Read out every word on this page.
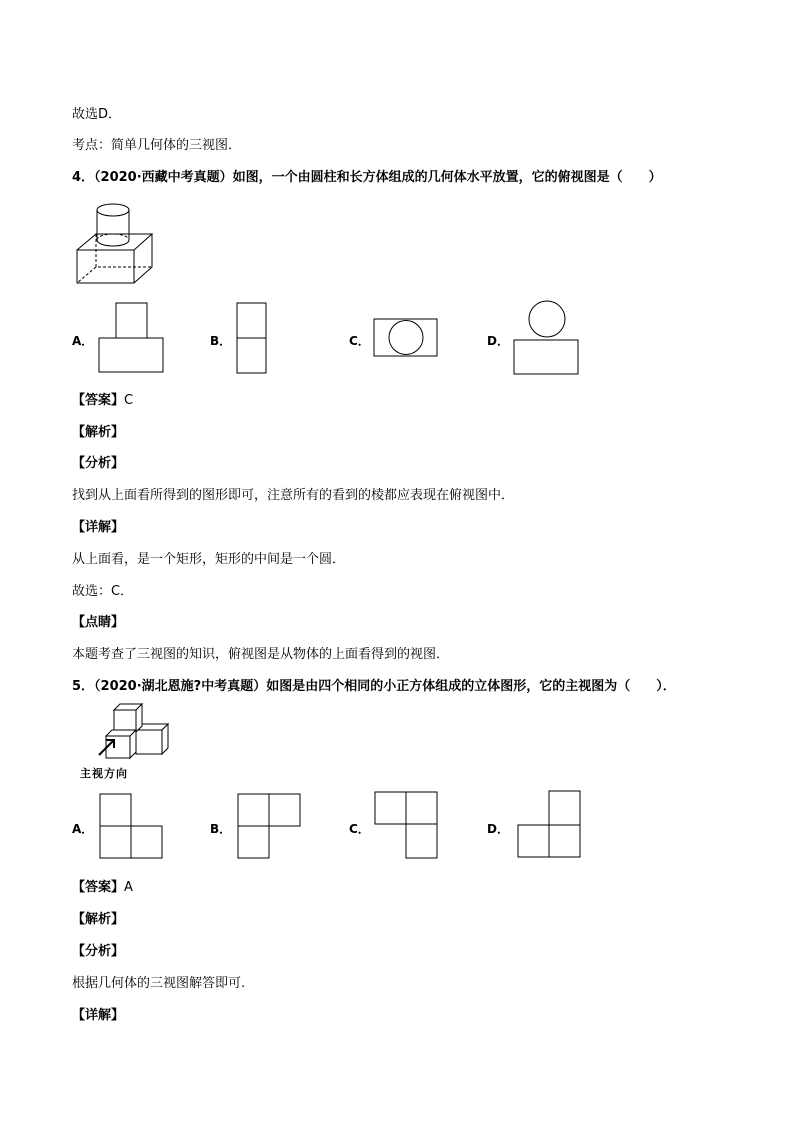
故选D．
考点：简单几何体的三视图．
4．（2020·西藏中考真题）如图，一个由圆柱和长方体组成的几何体水平放置，它的俯视图是（　　）
A．	B．	C．	D．
【答案】C
【解析】
【分析】
找到从上面看所得到的图形即可，注意所有的看到的棱都应表现在俯视图中．
【详解】
从上面看，是一个矩形，矩形的中间是一个圆．
故选：C．
【点睛】
本题考查了三视图的知识，俯视图是从物体的上面看得到的视图．
5．（2020·湖北恩施?中考真题）如图是由四个相同的小正方体组成的立体图形，它的主视图为（　　）．
主视方向
A．	B．	C．	D．
【答案】A
【解析】
【分析】
根据几何体的三视图解答即可.
【详解】
